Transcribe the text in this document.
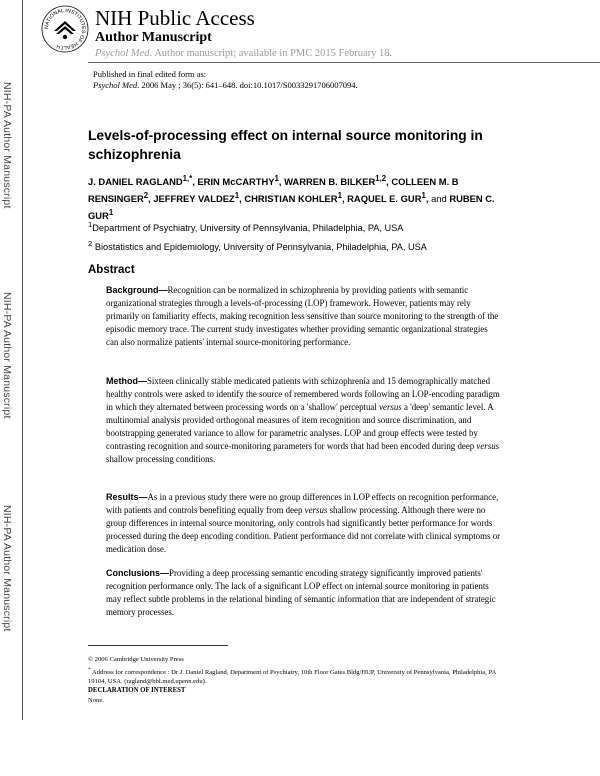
NIH-PA Author Manuscript
NIH-PA Author Manuscript
NIH-PA Author Manuscript
NATIONAL INSTITUTES OF HEALTH
NIH Public Access
Author Manuscript
Psychol Med. Author manuscript; available in PMC 2015 February 18.
Published in final edited form as:
Psychol Med. 2006 May ; 36(5): 641–648. doi:10.1017/S0033291706007094.
Levels-of-processing effect on internal source monitoring in schizophrenia
J. DANIEL $RAGLAND^{1,*}$, ERIN McCARTHY$^1$, WARREN B. BILKER$^{1,2}$, COLLEEN M. B RENSINGER$^2$, JEFFREY VALDEZ$^1$, CHRISTIAN KOHLER$^1$, RAQUEL E. GUR$^1$, and RUBEN C. GUR$^1$
$^1$Department of Psychiatry, University of Pennsylvania, Philadelphia, PA, USA
$^2$ Biostatistics and Epidemiology, University of Pennsylvania, Philadelphia, PA, USA
Abstract
Background—Recognition can be normalized in schizophrenia by providing patients with semantic organizational strategies through a levels-of-processing (LOP) framework. However, patients may rely primarily on familiarity effects, making recognition less sensitive than source monitoring to the strength of the episodic memory trace. The current study investigates whether providing semantic organizational strategies can also normalize patients' internal source-monitoring performance.
Method—Sixteen clinically stable medicated patients with schizophrenia and 15 demographically matched healthy controls were asked to identify the source of remembered words following an LOP-encoding paradigm in which they alternated between processing words on a 'shallow' perceptual versus a 'deep' semantic level. A multinomial analysis provided orthogonal measures of item recognition and source discrimination, and bootstrapping generated variance to allow for parametric analyses. LOP and group effects were tested by contrasting recognition and source-monitoring parameters for words that had been encoded during deep versus shallow processing conditions.
Results—As in a previous study there were no group differences in LOP effects on recognition performance, with patients and controls benefiting equally from deep versus shallow processing. Although there were no group differences in internal source monitoring, only controls had significantly better performance for words processed during the deep encoding condition. Patient performance did not correlate with clinical symptoms or medication dose.
Conclusions—Providing a deep processing semantic encoding strategy significantly improved patients' recognition performance only. The lack of a significant LOP effect on internal source monitoring in patients may reflect subtle problems in the relational binding of semantic information that are independent of strategic memory processes.
© 2006 Cambridge University Press
* Address for correspondence : Dr J. Daniel Ragland, Department of Psychiatry, 10th Floor Gates Bldg/HUP, University of Pennsylvania, Philadelphia, PA 19104, USA. (ragland@bbl.med.upenn.edu).
DECLARATION OF INTEREST
None.
